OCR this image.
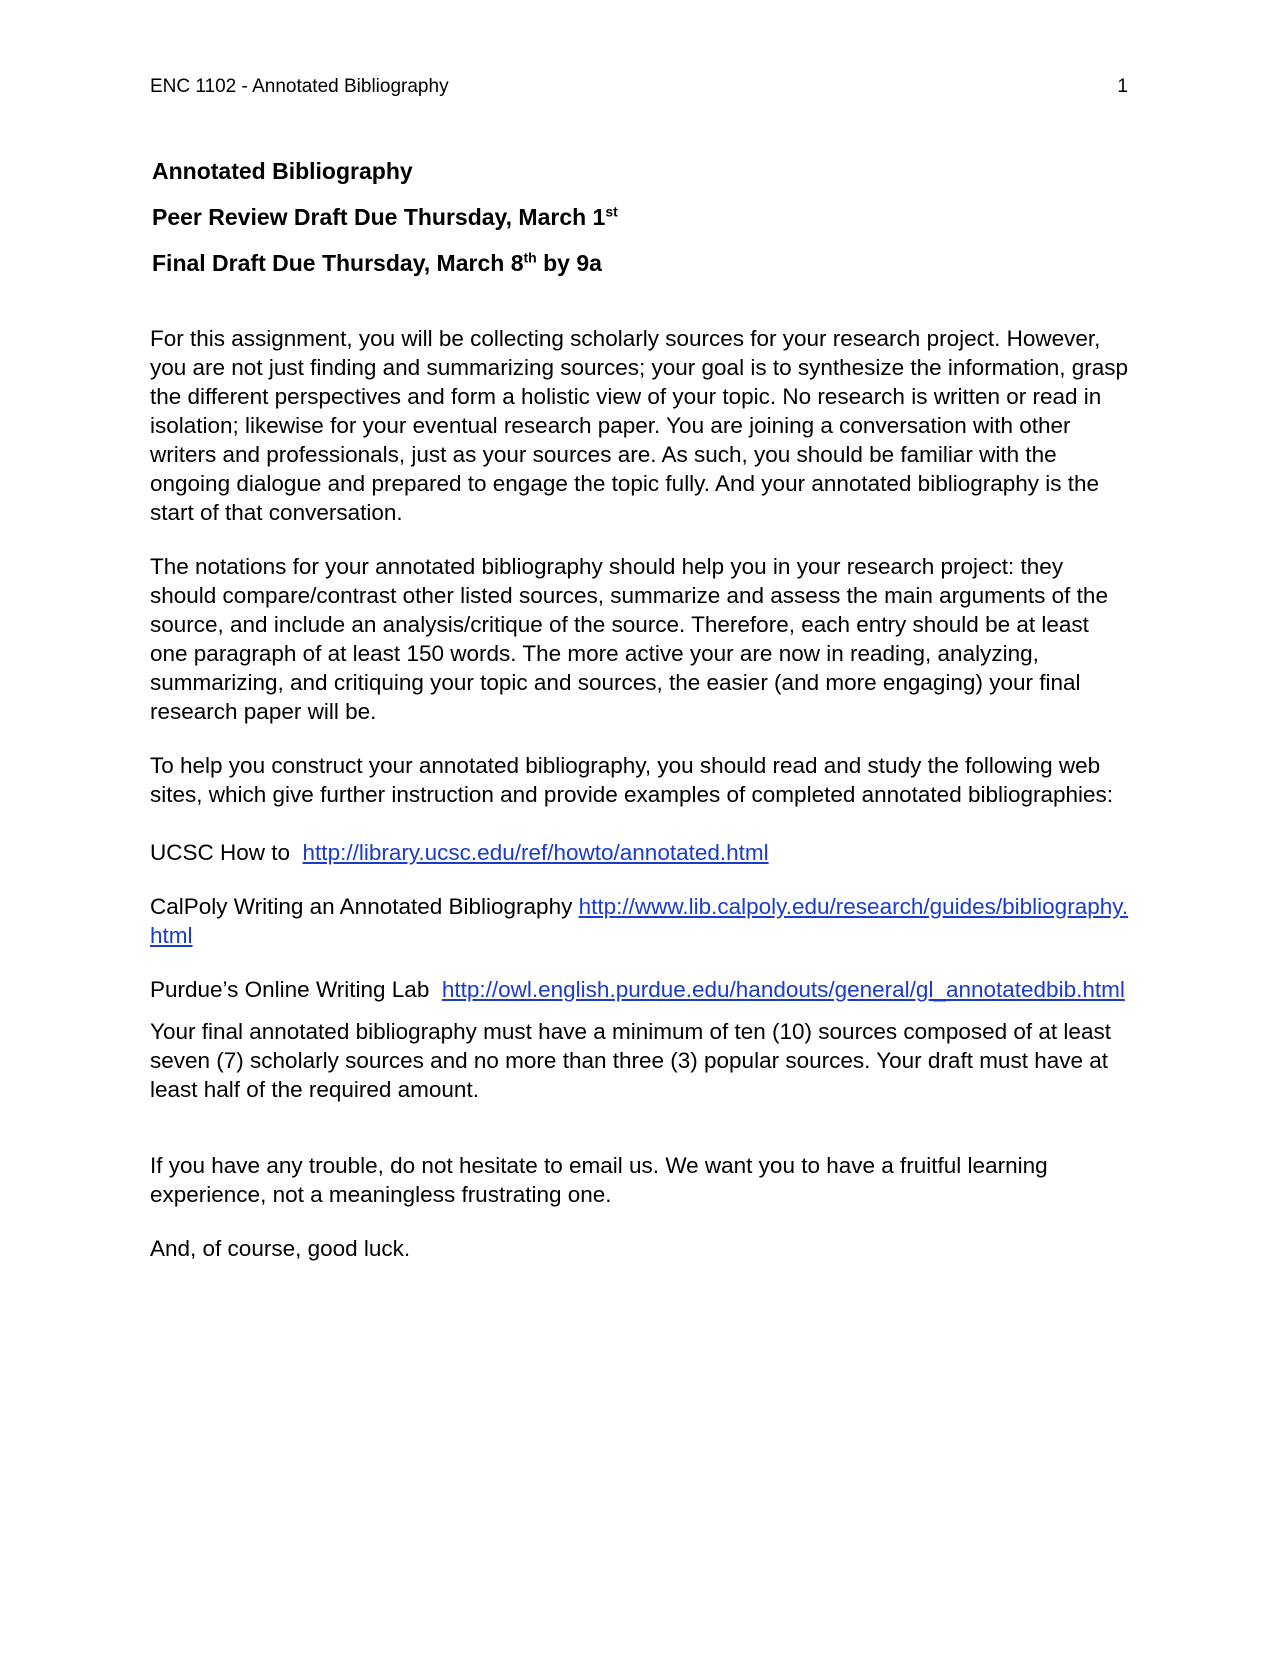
ENC 1102 - Annotated Bibliography	1

Annotated Bibliography

Peer Review Draft Due Thursday, March 1st

Final Draft Due Thursday, March 8th by 9a

For this assignment, you will be collecting scholarly sources for your research project. However, you are not just finding and summarizing sources; your goal is to synthesize the information, grasp the different perspectives and form a holistic view of your topic. No research is written or read in isolation; likewise for your eventual research paper. You are joining a conversation with other writers and professionals, just as your sources are. As such, you should be familiar with the ongoing dialogue and prepared to engage the topic fully. And your annotated bibliography is the start of that conversation.

The notations for your annotated bibliography should help you in your research project: they should compare/contrast other listed sources, summarize and assess the main arguments of the source, and include an analysis/critique of the source. Therefore, each entry should be at least one paragraph of at least 150 words. The more active your are now in reading, analyzing, summarizing, and critiquing your topic and sources, the easier (and more engaging) your final research paper will be.

To help you construct your annotated bibliography, you should read and study the following web sites, which give further instruction and provide examples of completed annotated bibliographies:

UCSC How to  http://library.ucsc.edu/ref/howto/annotated.html

CalPoly Writing an Annotated Bibliography http://www.lib.calpoly.edu/research/guides/bibliography.html

Purdue’s Online Writing Lab  http://owl.english.purdue.edu/handouts/general/gl_annotatedbib.html

Your final annotated bibliography must have a minimum of ten (10) sources composed of at least seven (7) scholarly sources and no more than three (3) popular sources. Your draft must have at least half of the required amount.

If you have any trouble, do not hesitate to email us. We want you to have a fruitful learning experience, not a meaningless frustrating one.

And, of course, good luck.
